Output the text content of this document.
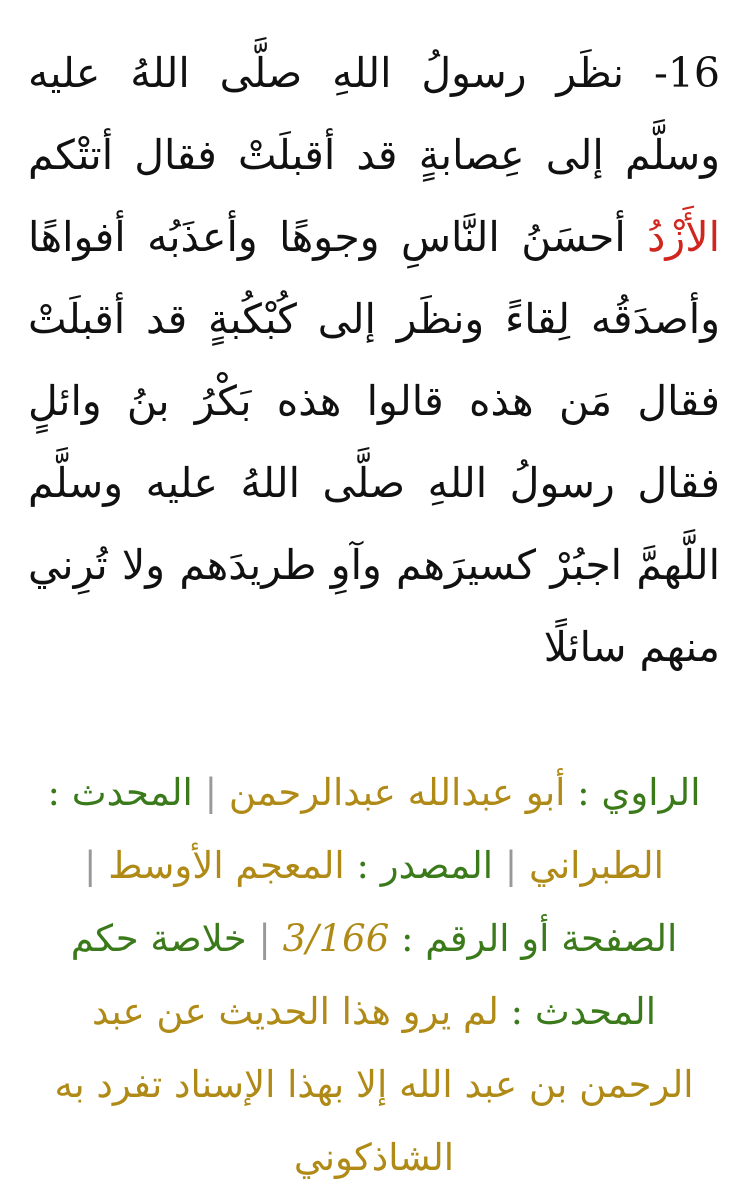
16- نظَر رسولُ اللهِ صلَّى اللهُ عليه وسلَّم إلى عِصابةٍ قد أقبلَتْ فقال أتتْكم الأَزْدُ أحسَنُ النَّاسِ وجوهًا وأعذَبُه أفواهًا وأصدَقُه لِقاءً ونظَر إلى كُبْكُبةٍ قد أقبلَتْ فقال مَن هذه قالوا هذه بَكْرُ بنُ وائلٍ فقال رسولُ اللهِ صلَّى اللهُ عليه وسلَّم اللَّهمَّ اجبُرْ كسيرَهم وآوِ طريدَهم ولا تُرِني منهم سائلًا

الراوي : أبو عبدالله عبدالرحمن | المحدث : الطبراني | المصدر : المعجم الأوسط | الصفحة أو الرقم : 3/166 | خلاصة حكم المحدث : لم يرو هذا الحديث عن عبد الرحمن بن عبد الله إلا بهذا الإسناد تفرد به الشاذكوني
